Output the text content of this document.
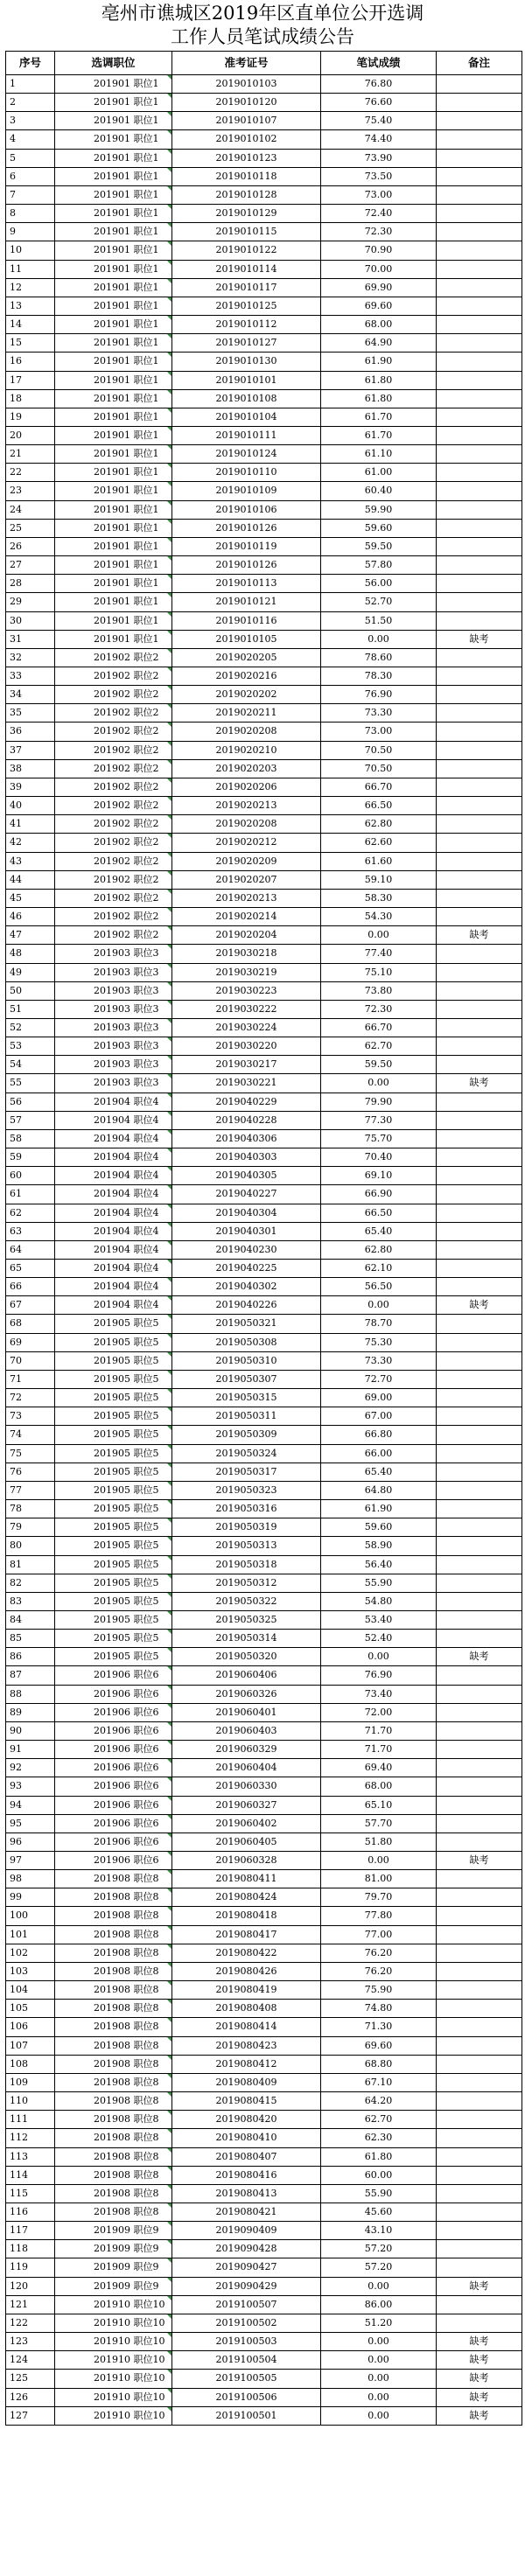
亳州市谯城区2019年区直单位公开选调
工作人员笔试成绩公告
序号	选调职位	准考证号	笔试成绩	备注
1	201901 职位1	2019010103	76.80	
2	201901 职位1	2019010120	76.60	
3	201901 职位1	2019010107	75.40	
4	201901 职位1	2019010102	74.40	
5	201901 职位1	2019010123	73.90	
6	201901 职位1	2019010118	73.50	
7	201901 职位1	2019010128	73.00	
8	201901 职位1	2019010129	72.40	
9	201901 职位1	2019010115	72.30	
10	201901 职位1	2019010122	70.90	
11	201901 职位1	2019010114	70.00	
12	201901 职位1	2019010117	69.90	
13	201901 职位1	2019010125	69.60	
14	201901 职位1	2019010112	68.00	
15	201901 职位1	2019010127	64.90	
16	201901 职位1	2019010130	61.90	
17	201901 职位1	2019010101	61.80	
18	201901 职位1	2019010108	61.80	
19	201901 职位1	2019010104	61.70	
20	201901 职位1	2019010111	61.70	
21	201901 职位1	2019010124	61.10	
22	201901 职位1	2019010110	61.00	
23	201901 职位1	2019010109	60.40	
24	201901 职位1	2019010106	59.90	
25	201901 职位1	2019010126	59.60	
26	201901 职位1	2019010119	59.50	
27	201901 职位1	2019010126	57.80	
28	201901 职位1	2019010113	56.00	
29	201901 职位1	2019010121	52.70	
30	201901 职位1	2019010116	51.50	
31	201901 职位1	2019010105	0.00	缺考
32	201902 职位2	2019020205	78.60	
33	201902 职位2	2019020216	78.30	
34	201902 职位2	2019020202	76.90	
35	201902 职位2	2019020211	73.30	
36	201902 职位2	2019020208	73.00	
37	201902 职位2	2019020210	70.50	
38	201902 职位2	2019020203	70.50	
39	201902 职位2	2019020206	66.70	
40	201902 职位2	2019020213	66.50	
41	201902 职位2	2019020208	62.80	
42	201902 职位2	2019020212	62.60	
43	201902 职位2	2019020209	61.60	
44	201902 职位2	2019020207	59.10	
45	201902 职位2	2019020213	58.30	
46	201902 职位2	2019020214	54.30	
47	201902 职位2	2019020204	0.00	缺考
48	201903 职位3	2019030218	77.40	
49	201903 职位3	2019030219	75.10	
50	201903 职位3	2019030223	73.80	
51	201903 职位3	2019030222	72.30	
52	201903 职位3	2019030224	66.70	
53	201903 职位3	2019030220	62.70	
54	201903 职位3	2019030217	59.50	
55	201903 职位3	2019030221	0.00	缺考
56	201904 职位4	2019040229	79.90	
57	201904 职位4	2019040228	77.30	
58	201904 职位4	2019040306	75.70	
59	201904 职位4	2019040303	70.40	
60	201904 职位4	2019040305	69.10	
61	201904 职位4	2019040227	66.90	
62	201904 职位4	2019040304	66.50	
63	201904 职位4	2019040301	65.40	
64	201904 职位4	2019040230	62.80	
65	201904 职位4	2019040225	62.10	
66	201904 职位4	2019040302	56.50	
67	201904 职位4	2019040226	0.00	缺考
68	201905 职位5	2019050321	78.70	
69	201905 职位5	2019050308	75.30	
70	201905 职位5	2019050310	73.30	
71	201905 职位5	2019050307	72.70	
72	201905 职位5	2019050315	69.00	
73	201905 职位5	2019050311	67.00	
74	201905 职位5	2019050309	66.80	
75	201905 职位5	2019050324	66.00	
76	201905 职位5	2019050317	65.40	
77	201905 职位5	2019050323	64.80	
78	201905 职位5	2019050316	61.90	
79	201905 职位5	2019050319	59.60	
80	201905 职位5	2019050313	58.90	
81	201905 职位5	2019050318	56.40	
82	201905 职位5	2019050312	55.90	
83	201905 职位5	2019050322	54.80	
84	201905 职位5	2019050325	53.40	
85	201905 职位5	2019050314	52.40	
86	201905 职位5	2019050320	0.00	缺考
87	201906 职位6	2019060406	76.90	
88	201906 职位6	2019060326	73.40	
89	201906 职位6	2019060401	72.00	
90	201906 职位6	2019060403	71.70	
91	201906 职位6	2019060329	71.70	
92	201906 职位6	2019060404	69.40	
93	201906 职位6	2019060330	68.00	
94	201906 职位6	2019060327	65.10	
95	201906 职位6	2019060402	57.70	
96	201906 职位6	2019060405	51.80	
97	201906 职位6	2019060328	0.00	缺考
98	201908 职位8	2019080411	81.00	
99	201908 职位8	2019080424	79.70	
100	201908 职位8	2019080418	77.80	
101	201908 职位8	2019080417	77.00	
102	201908 职位8	2019080422	76.20	
103	201908 职位8	2019080426	76.20	
104	201908 职位8	2019080419	75.90	
105	201908 职位8	2019080408	74.80	
106	201908 职位8	2019080414	71.30	
107	201908 职位8	2019080423	69.60	
108	201908 职位8	2019080412	68.80	
109	201908 职位8	2019080409	67.10	
110	201908 职位8	2019080415	64.20	
111	201908 职位8	2019080420	62.70	
112	201908 职位8	2019080410	62.30	
113	201908 职位8	2019080407	61.80	
114	201908 职位8	2019080416	60.00	
115	201908 职位8	2019080413	55.90	
116	201908 职位8	2019080421	45.60	
117	201909 职位9	2019090409	43.10	
118	201909 职位9	2019090428	57.20	
119	201909 职位9	2019090427	57.20	
120	201909 职位9	2019090429	0.00	缺考
121	201910 职位10	2019100507	86.00	
122	201910 职位10	2019100502	51.20	
123	201910 职位10	2019100503	0.00	缺考
124	201910 职位10	2019100504	0.00	缺考
125	201910 职位10	2019100505	0.00	缺考
126	201910 职位10	2019100506	0.00	缺考
127	201910 职位10	2019100501	0.00	缺考
